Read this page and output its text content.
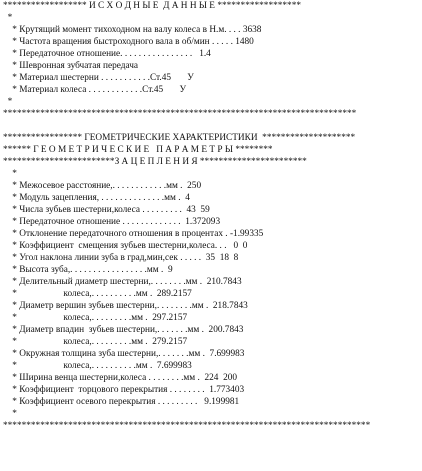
****************** И С Х О Д Н Ы Е  Д А Н Н Ы Е ******************
*
* Крутящий момент тихоходном на валу колеса в Н.м. . . . 3638
* Частота вращения быстроходного вала в об/мин . . . . . 1480
* Передаточное отношение. . . . . . . . . . . . . . . .   1.4
* Шевронная зубчатая передача
* Материал шестерни . . . . . . . . . . .Ст.45       У
* Материал колеса . . . . . . . . . . . .Ст.45       У
*
****************************************************************************
***************** ГЕОМЕТРИЧЕСКИЕ ХАРАКТЕРИСТИКИ  ********************
****** Г Е О М Е Т Р И Ч Е С К И Е   П А Р А М Е Т Р Ы ********
************************З А Ц Е П Л Е Н И Я ***********************
*
* Межосевое расстояние,. . . . . . . . . . . .мм .  250
* Модуль зацепления, . . . . . . . . . . . . . .мм .  4
* Числа зубьев шестерни,колеса . . . . . . . . .  43  59
* Передаточное отношение . . . . . . . . . . . . .  1.372093
* Отклонение передаточного отношения в процентах . -1.99335
* Коэффициент  смещения зубьев шестерни,колеса. . .   0  0
* Угол наклона линии зуба в град,мин,сек . . . . .  35  18  8
* Высота зуба,. . . . . . . . . . . . . . . . .мм .  9
* Делительный диаметр шестерни,. . . . . . . .мм .  210.7843
*                    колеса,. . . . . . . . . .мм .  289.2157
* Диаметр вершин зубьев шестерни,. . . . . . . .мм .  218.7843
*                    колеса,. . . . . . . . .мм .  297.2157
* Диаметр впадин  зубьев шестерни,. . . . . . .мм .  200.7843
*                    колеса,. . . . . . . . .мм .  279.2157
* Окружная толщина зуба шестерни,. . . . . . .мм .  7.699983
*                    колеса,. . . . . . . . . .мм .  7.699983
* Ширина венца шестерни,колеса . . . . . . . .мм .  224  200
* Коэффициент  торцового перекрытия . . . . . . . .  1.773403
* Коэффициент осевого перекрытия . . . . . . . . .   9.199981
*
*******************************************************************************
